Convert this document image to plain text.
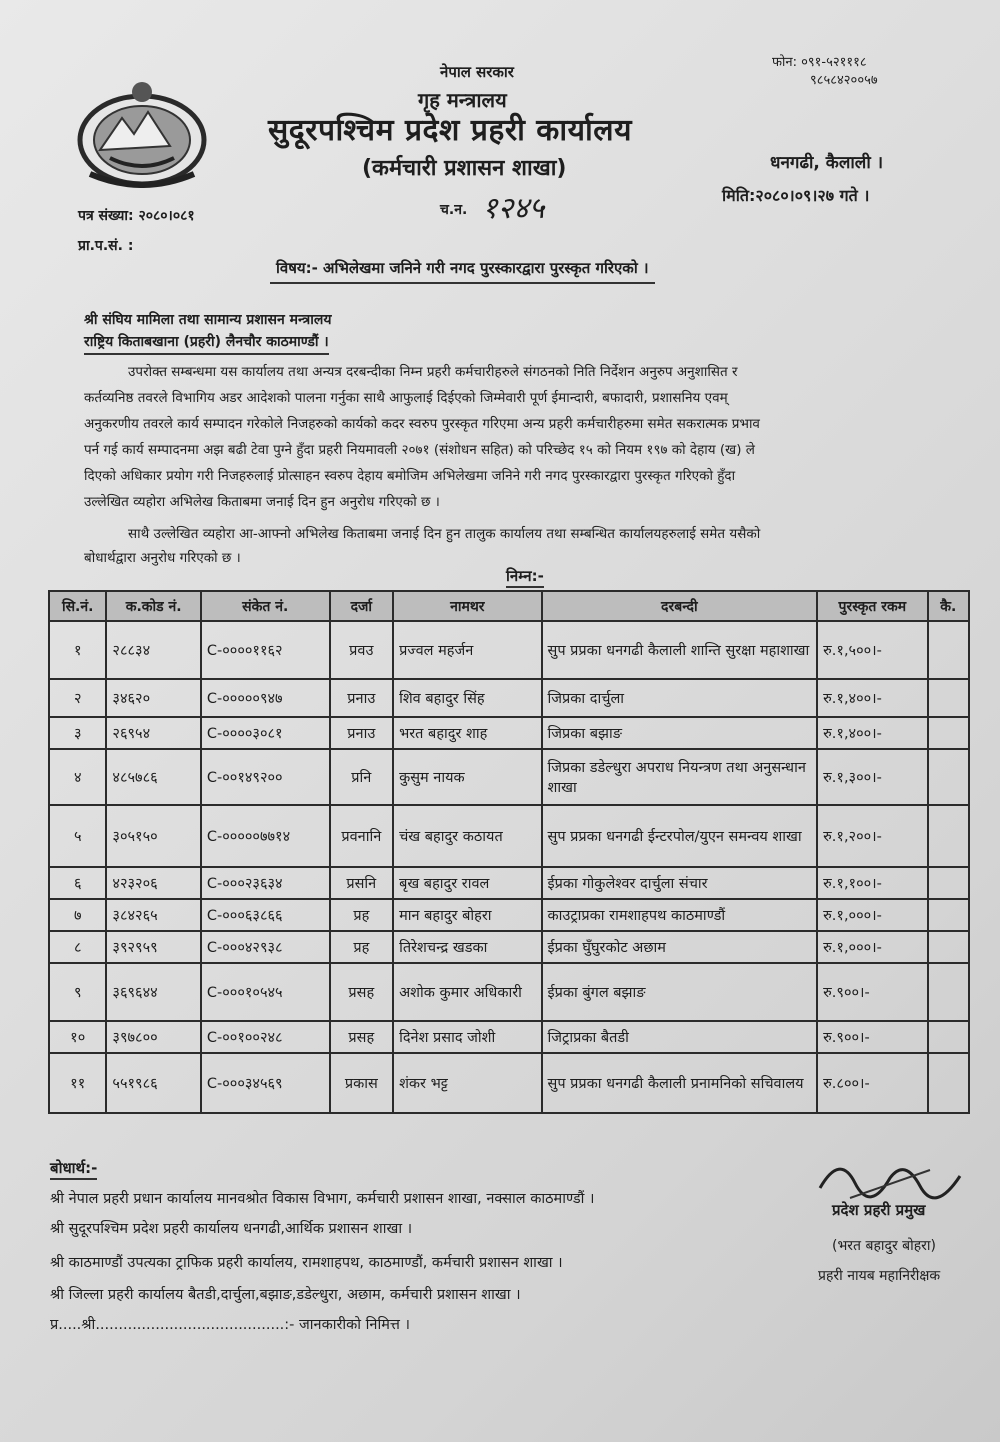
नेपाल सरकार
गृह मन्त्रालय
सुदूरपश्चिम प्रदेश प्रहरी कार्यालय
(कर्मचारी प्रशासन शाखा)
फोन: ०९१-५२१११८
९८५८४२००५७
धनगढी, कैलाली ।
मिति:२०८०।०९।२७ गते ।
पत्र संख्या: २०८०।०८१
प्रा.प.सं. :
च.न. १२४५
विषय:- अभिलेखमा जनिने गरी नगद पुरस्कारद्वारा पुरस्कृत गरिएको ।
श्री संघिय मामिला तथा सामान्य प्रशासन मन्त्रालय
राष्ट्रिय किताबखाना (प्रहरी) लैनचौर काठमाण्डौं ।
उपरोक्त सम्बन्धमा यस कार्यालय तथा अन्यत्र दरबन्दीका निम्न प्रहरी कर्मचारीहरुले संगठनको निति निर्देशन अनुरुप अनुशासित र
कर्तव्यनिष्ठ तवरले विभागिय अडर आदेशको पालना गर्नुका साथै आफुलाई दिईएको जिम्मेवारी पूर्ण ईमान्दारी, बफादारी, प्रशासनिय एवम्
अनुकरणीय तवरले कार्य सम्पादन गरेकोले निजहरुको कार्यको कदर स्वरुप पुरस्कृत गरिएमा अन्य प्रहरी कर्मचारीहरुमा समेत सकरात्मक प्रभाव
पर्न गई कार्य सम्पादनमा अझ बढी टेवा पुग्ने हुँदा प्रहरी नियमावली २०७१ (संशोधन सहित) को परिच्छेद १५ को नियम १९७ को देहाय (ख) ले
दिएको अधिकार प्रयोग गरी निजहरुलाई प्रोत्साहन स्वरुप देहाय बमोजिम अभिलेखमा जनिने गरी नगद पुरस्कारद्वारा पुरस्कृत गरिएको हुँदा
उल्लेखित व्यहोरा अभिलेख किताबमा जनाई दिन हुन अनुरोध गरिएको छ ।
साथै उल्लेखित व्यहोरा आ-आफ्नो अभिलेख किताबमा जनाई दिन हुन तालुक कार्यालय तथा सम्बन्धित कार्यालयहरुलाई समेत यसैको
बोधार्थद्वारा अनुरोध गरिएको छ ।
निम्न:-
सि.नं.	क.कोड नं.	संकेत नं.	दर्जा	नामथर	दरबन्दी	पुरस्कृत रकम	कै.
१	२८८३४	C-००००११६२	प्रवउ	प्रज्वल महर्जन	सुप प्रप्रका धनगढी कैलाली शान्ति सुरक्षा महाशाखा	रु.१,५००।-	
२	३४६२०	C-०००००९४७	प्रनाउ	शिव बहादुर सिंह	जिप्रका दार्चुला	रु.१,४००।-	
३	२६९५४	C-००००३०८१	प्रनाउ	भरत बहादुर शाह	जिप्रका बझाङ	रु.१,४००।-	
४	४८५७८६	C-००१४९२००	प्रनि	कुसुम नायक	जिप्रका डडेल्धुरा अपराध नियन्त्रण तथा अनुसन्धान शाखा	रु.१,३००।-	
५	३०५१५०	C-०००००७७१४	प्रवनानि	चंख बहादुर कठायत	सुप प्रप्रका धनगढी ईन्टरपोल/युएन समन्वय शाखा	रु.१,२००।-	
६	४२३२०६	C-०००२३६३४	प्रसनि	बृख बहादुर रावल	ईप्रका गोकुलेश्वर दार्चुला संचार	रु.१,१००।-	
७	३८४२६५	C-०००६३८६६	प्रह	मान बहादुर बोहरा	काउट्राप्रका रामशाहपथ काठमाण्डौं	रु.१,०००।-	
८	३९२९५९	C-०००४२९३८	प्रह	तिरेशचन्द्र खडका	ईप्रका घुँघुरकोट अछाम	रु.१,०००।-	
९	३६९६४४	C-०००१०५४५	प्रसह	अशोक कुमार अधिकारी	ईप्रका बुंगल बझाङ	रु.९००।-	
१०	३९७८००	C-००१००२४८	प्रसह	दिनेश प्रसाद जोशी	जिट्राप्रका बैतडी	रु.९००।-	
११	५५१९८६	C-०००३४५६९	प्रकास	शंकर भट्ट	सुप प्रप्रका धनगढी कैलाली प्रनामनिको सचिवालय	रु.८००।-	
बोधार्थ:-
श्री नेपाल प्रहरी प्रधान कार्यालय मानवश्रोत विकास विभाग, कर्मचारी प्रशासन शाखा, नक्साल काठमाण्डौं ।
श्री सुदूरपश्चिम प्रदेश प्रहरी कार्यालय धनगढी,आर्थिक प्रशासन शाखा ।
श्री काठमाण्डौं उपत्यका ट्राफिक प्रहरी कार्यालय, रामशाहपथ, काठमाण्डौं, कर्मचारी प्रशासन शाखा ।
श्री जिल्ला प्रहरी कार्यालय बैतडी,दार्चुला,बझाङ,डडेल्धुरा, अछाम, कर्मचारी प्रशासन शाखा ।
प्र.....श्री.........................................:- जानकारीको निमित्त ।
प्रदेश प्रहरी प्रमुख
(भरत बहादुर बोहरा)
प्रहरी नायब महानिरीक्षक
